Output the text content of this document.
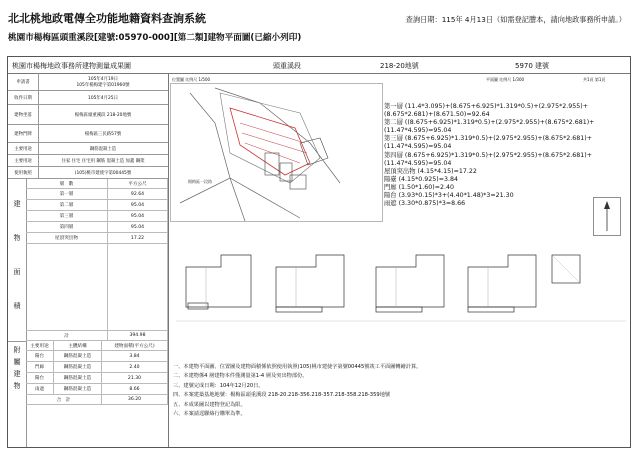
北北桃地政電傳全功能地籍資料查詢系統	查詢日期：115年 4月13日（如需登記謄本，請向地政事務所申請。）
桃園市楊梅區頭重溪段[建號:05970-000][第二類]建物平面圖(已縮小列印)
桃園市楊梅地政事務所建物測量成果圖	頭重溪段	218-20地號	5970 建號
申請書
105年4月19日
105年楊梅建字第01960號
收件日期	105年4月25日
建物坐落	楊梅區頭重溪段 218-20地號
建物門牌	楊梅區三民路57號
主要用途	鋼筋混凝土造
主要用途	住家 住宅 住宅用 鋼筋 混凝土造 加蓋 鋼架
使用執照	(105)桃市建使字第00445號
建
物
面
積
層　數	平方公尺
第一層	92.64
第二層	95.04
第三層	95.04
第四層	95.04
屋頂突出物	17.22
計	394.98
附
屬
建
物
主要用途	主體結構	建物面積(平方公尺)
陽台	鋼筋混凝土造	3.84
門廊	鋼筋混凝土造	2.40
陽台	鋼筋混凝土造	21.30
雨遮	鋼筋混凝土造	8.66
合　計	36.20
位置圖 比例尺 1/500	平面圖 比例尺 1/300	共1頁 第1頁
楊梅區一段路
第一層 (11.4*3.095)+(8.675+6.925)*1.319*0.5)+(2.975*2.955)+(8.675*2.681)+(8.671.50)=92.64
第二層 ((8.675+6.925)*1.319*0.5)+(2.975*2.955)+(8.675*2.681)+(11.47*4.595)=95.04
第三層 (8.675+6.925)*1.319*0.5)+(2.975*2.955)+(8.675*2.681)+(11.47*4.595)=95.04
第四層 (8.675+6.925)*1.319*0.5)+(2.975*2.955)+(8.675*2.681)+(11.47*4.595)=95.04
屋頂突出物 (4.15*4.15)=17.22
陽臺 (4.15*0.925)=3.84
門廊 (1.50*1.60)=2.40
陽台 (3.93*0.15)*3+(4.40*1.48)*3=21.30
雨遮 (3.30*0.875)*3=8.66
一、本建物平面圖、位置圖及建物面積係依照使用執照(105)桃市建使字第號00445號竣工平面圖轉繪計算。
二、本建物係4 層建物本件僅測量第1-4 層及突出物部份。
三、建號完成日期：104年12月20日。
四、本案建築基地地號：楊梅區頭重溪段 218-20.218-356.218-357.218-358.218-359地號
五、本成果圖以建物登記為限。
六、本案請逕聯絡行購單為準。
